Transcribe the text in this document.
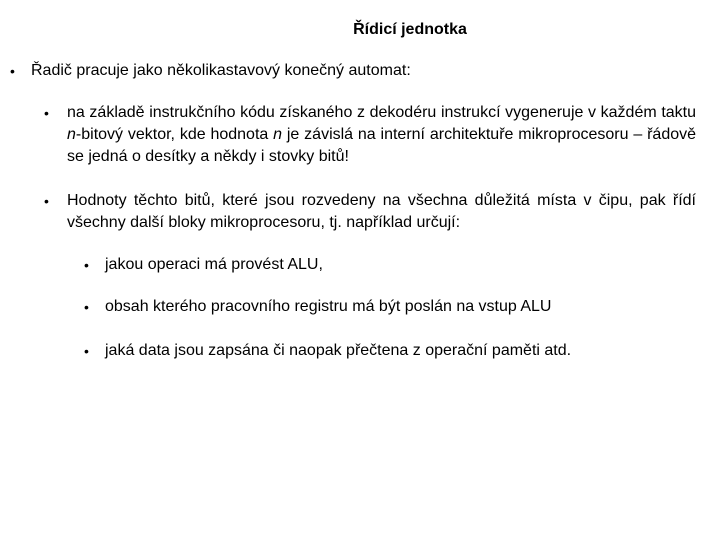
Řídicí jednotka
• Řadič pracuje jako několikastavový konečný automat:
• na základě instrukčního kódu získaného z dekodéru instrukcí vygeneruje v každém taktu n-bitový vektor, kde hodnota n je závislá na interní architektuře mikroprocesoru – řádově se jedná o desítky a někdy i stovky bitů!
• Hodnoty těchto bitů, které jsou rozvedeny na všechna důležitá místa v čipu, pak řídí všechny další bloky mikroprocesoru, tj. například určují:
• jakou operaci má provést ALU,
• obsah kterého pracovního registru má být poslán na vstup ALU
• jaká data jsou zapsána či naopak přečtena z operační paměti atd.
